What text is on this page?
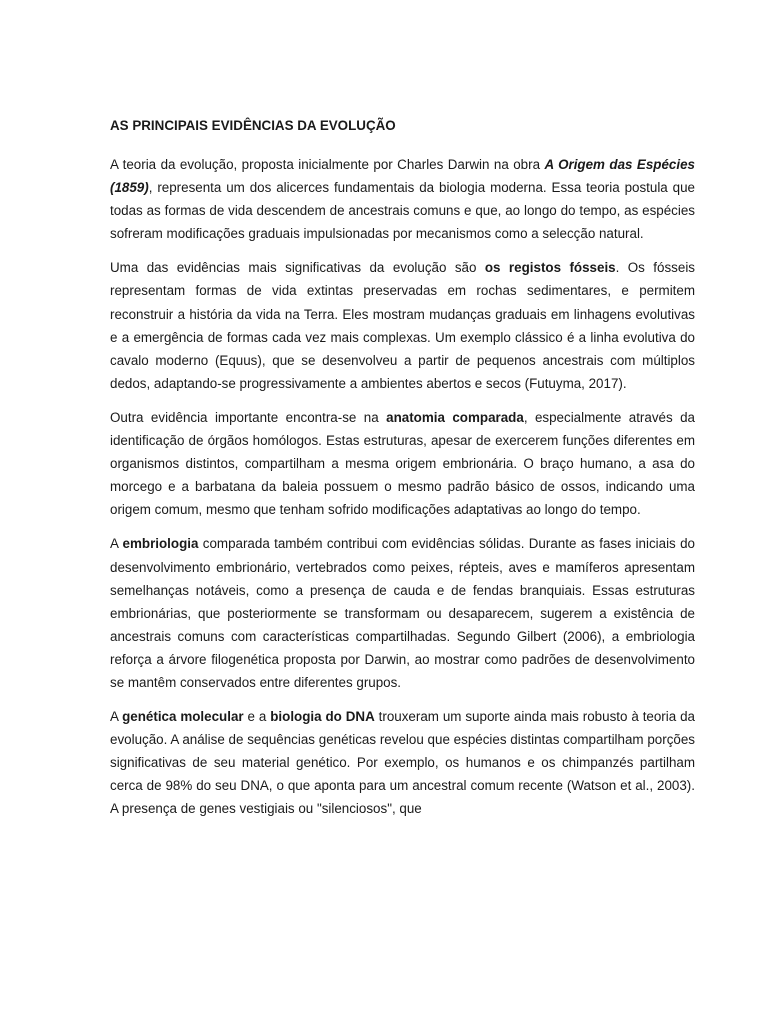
AS PRINCIPAIS EVIDÊNCIAS DA EVOLUÇÃO

A teoria da evolução, proposta inicialmente por Charles Darwin na obra A Origem das Espécies (1859), representa um dos alicerces fundamentais da biologia moderna. Essa teoria postula que todas as formas de vida descendem de ancestrais comuns e que, ao longo do tempo, as espécies sofreram modificações graduais impulsionadas por mecanismos como a selecção natural.

Uma das evidências mais significativas da evolução são os registos fósseis. Os fósseis representam formas de vida extintas preservadas em rochas sedimentares, e permitem reconstruir a história da vida na Terra. Eles mostram mudanças graduais em linhagens evolutivas e a emergência de formas cada vez mais complexas. Um exemplo clássico é a linha evolutiva do cavalo moderno (Equus), que se desenvolveu a partir de pequenos ancestrais com múltiplos dedos, adaptando-se progressivamente a ambientes abertos e secos (Futuyma, 2017).

Outra evidência importante encontra-se na anatomia comparada, especialmente através da identificação de órgãos homólogos. Estas estruturas, apesar de exercerem funções diferentes em organismos distintos, compartilham a mesma origem embrionária. O braço humano, a asa do morcego e a barbatana da baleia possuem o mesmo padrão básico de ossos, indicando uma origem comum, mesmo que tenham sofrido modificações adaptativas ao longo do tempo.

A embriologia comparada também contribui com evidências sólidas. Durante as fases iniciais do desenvolvimento embrionário, vertebrados como peixes, répteis, aves e mamíferos apresentam semelhanças notáveis, como a presença de cauda e de fendas branquiais. Essas estruturas embrionárias, que posteriormente se transformam ou desaparecem, sugerem a existência de ancestrais comuns com características compartilhadas. Segundo Gilbert (2006), a embriologia reforça a árvore filogenética proposta por Darwin, ao mostrar como padrões de desenvolvimento se mantêm conservados entre diferentes grupos.

A genética molecular e a biologia do DNA trouxeram um suporte ainda mais robusto à teoria da evolução. A análise de sequências genéticas revelou que espécies distintas compartilham porções significativas de seu material genético. Por exemplo, os humanos e os chimpanzés partilham cerca de 98% do seu DNA, o que aponta para um ancestral comum recente (Watson et al., 2003). A presença de genes vestigiais ou "silenciosos", que
